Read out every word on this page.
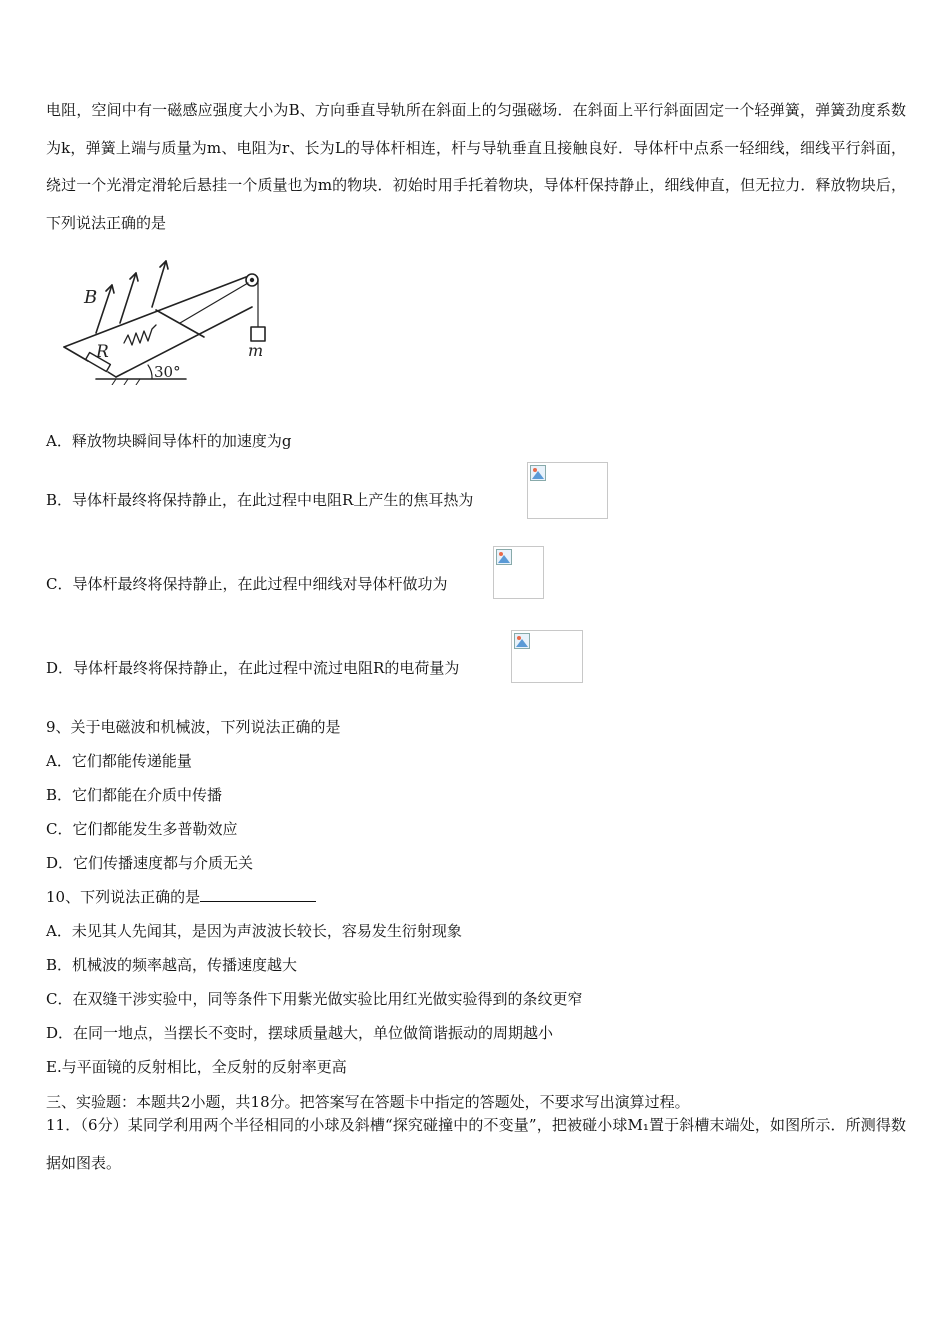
电阻，空间中有一磁感应强度大小为B、方向垂直导轨所在斜面上的匀强磁场．在斜面上平行斜面固定一个轻弹簧，弹簧劲度系数为k，弹簧上端与质量为m、电阻为r、长为L的导体杆相连，杆与导轨垂直且接触良好．导体杆中点系一轻细线，细线平行斜面，绕过一个光滑定滑轮后悬挂一个质量也为m的物块．初始时用手托着物块，导体杆保持静止，细线伸直，但无拉力．释放物块后，下列说法正确的是
B
R	m
30°
A．释放物块瞬间导体杆的加速度为g
B．导体杆最终将保持静止，在此过程中电阻R上产生的焦耳热为
C．导体杆最终将保持静止，在此过程中细线对导体杆做功为
D．导体杆最终将保持静止，在此过程中流过电阻R的电荷量为
9、关于电磁波和机械波，下列说法正确的是
A．它们都能传递能量
B．它们都能在介质中传播
C．它们都能发生多普勒效应
D．它们传播速度都与介质无关
10、下列说法正确的是
A．未见其人先闻其，是因为声波波长较长，容易发生衍射现象
B．机械波的频率越高，传播速度越大
C．在双缝干涉实验中，同等条件下用紫光做实验比用红光做实验得到的条纹更窄
D．在同一地点，当摆长不变时，摆球质量越大，单位做简谐振动的周期越小
E.与平面镜的反射相比，全反射的反射率更高
三、实验题：本题共2小题，共18分。把答案写在答题卡中指定的答题处，不要求写出演算过程。
11．（6分）某同学利用两个半径相同的小球及斜槽“探究碰撞中的不变量”，把被碰小球M₁置于斜槽末端处，如图所示．所测得数据如图表。
